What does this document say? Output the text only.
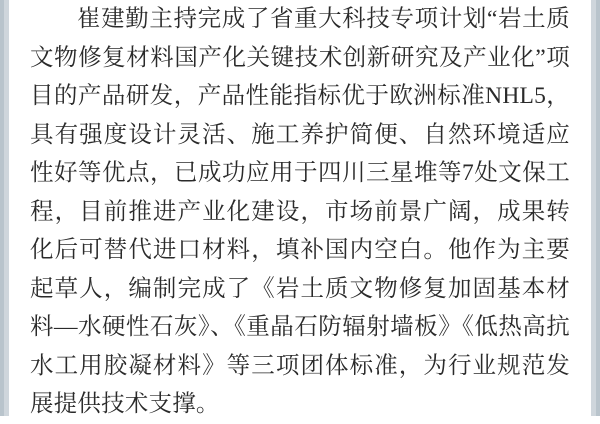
崔建勤主持完成了省重大科技专项计划“岩土质文物修复材料国产化关键技术创新研究及产业化”项目的产品研发，产品性能指标优于欧洲标准NHL5，具有强度设计灵活、施工养护简便、自然环境适应性好等优点，已成功应用于四川三星堆等7处文保工程，目前推进产业化建设，市场前景广阔，成果转化后可替代进口材料，填补国内空白。他作为主要起草人，编制完成了《岩土质文物修复加固基本材料—水硬性石灰》、《重晶石防辐射墙板》《低热高抗水工用胶凝材料》等三项团体标准，为行业规范发展提供技术支撑。
